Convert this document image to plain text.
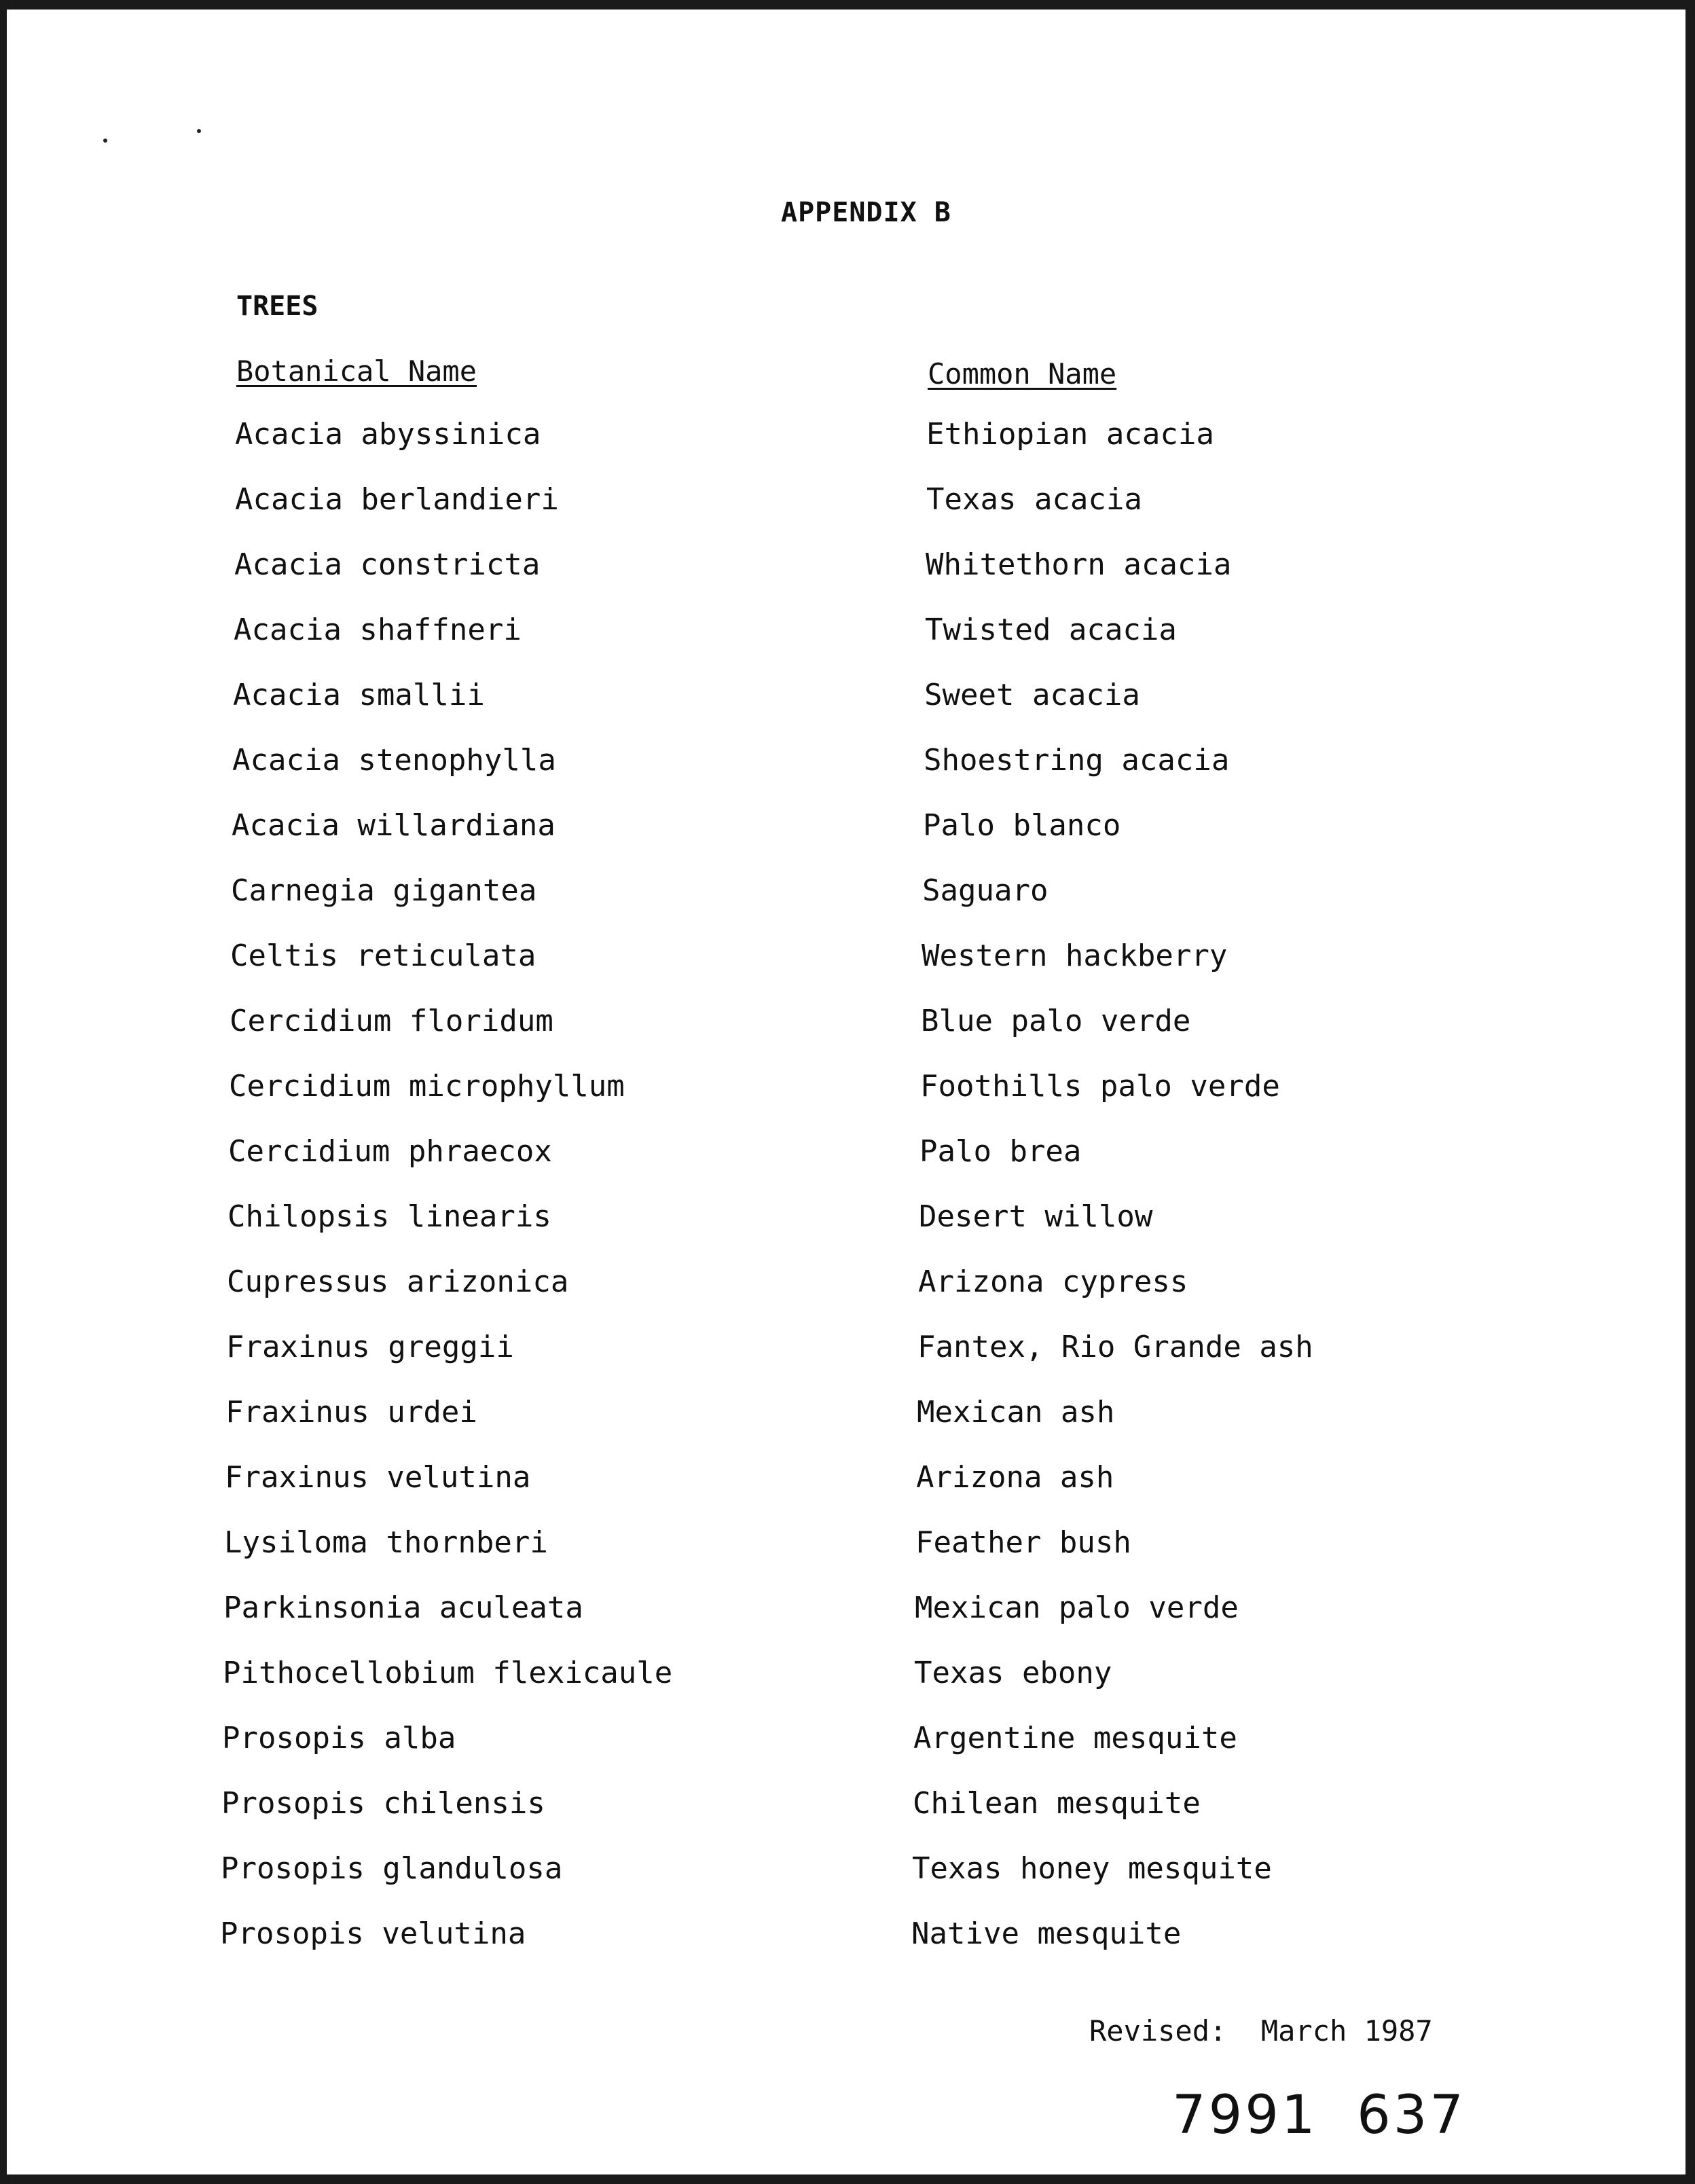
APPENDIX B
TREES
Botanical Name	Common Name
Acacia abyssinica	Ethiopian acacia
Acacia berlandieri	Texas acacia
Acacia constricta	Whitethorn acacia
Acacia shaffneri	Twisted acacia
Acacia smallii	Sweet acacia
Acacia stenophylla	Shoestring acacia
Acacia willardiana	Palo blanco
Carnegia gigantea	Saguaro
Celtis reticulata	Western hackberry
Cercidium floridum	Blue palo verde
Cercidium microphyllum	Foothills palo verde
Cercidium phraecox	Palo brea
Chilopsis linearis	Desert willow
Cupressus arizonica	Arizona cypress
Fraxinus greggii	Fantex, Rio Grande ash
Fraxinus urdei	Mexican ash
Fraxinus velutina	Arizona ash
Lysiloma thornberi	Feather bush
Parkinsonia aculeata	Mexican palo verde
Pithocellobium flexicaule	Texas ebony
Prosopis alba	Argentine mesquite
Prosopis chilensis	Chilean mesquite
Prosopis glandulosa	Texas honey mesquite
Prosopis velutina	Native mesquite
Revised:  March 1987
7991  637
